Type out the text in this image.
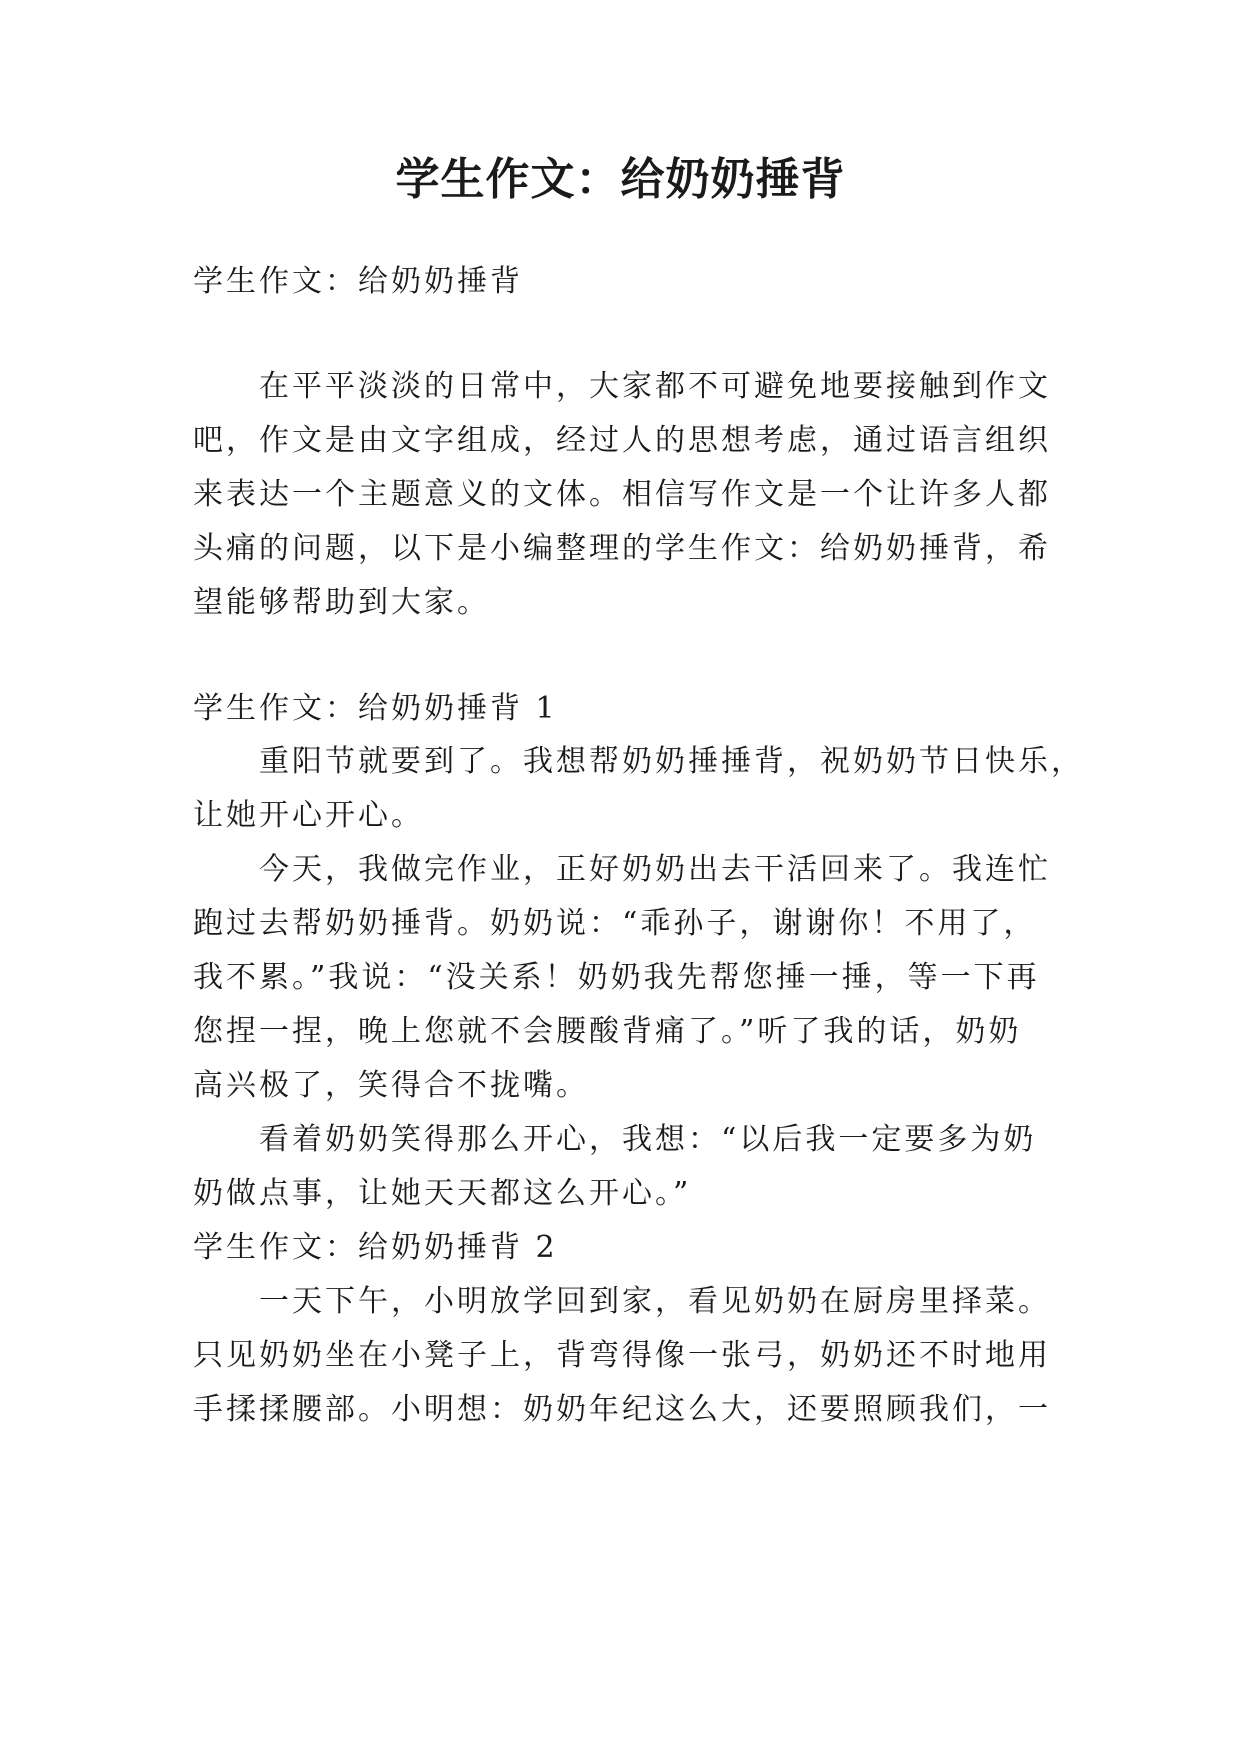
学生作文：给奶奶捶背
学生作文：给奶奶捶背
在平平淡淡的日常中，大家都不可避免地要接触到作文
吧，作文是由文字组成，经过人的思想考虑，通过语言组织
来表达一个主题意义的文体。相信写作文是一个让许多人都
头痛的问题，以下是小编整理的学生作文：给奶奶捶背，希
望能够帮助到大家。
学生作文：给奶奶捶背 1
重阳节就要到了。我想帮奶奶捶捶背，祝奶奶节日快乐，
让她开心开心。
今天，我做完作业，正好奶奶出去干活回来了。我连忙
跑过去帮奶奶捶背。奶奶说：“乖孙子，谢谢你！不用了，
我不累。”我说：“没关系！奶奶我先帮您捶一捶，等一下再
您捏一捏，晚上您就不会腰酸背痛了。”听了我的话，奶奶
高兴极了，笑得合不拢嘴。
看着奶奶笑得那么开心，我想：“以后我一定要多为奶
奶做点事，让她天天都这么开心。”
学生作文：给奶奶捶背 2
一天下午，小明放学回到家，看见奶奶在厨房里择菜。
只见奶奶坐在小凳子上，背弯得像一张弓，奶奶还不时地用
手揉揉腰部。小明想：奶奶年纪这么大，还要照顾我们，一
